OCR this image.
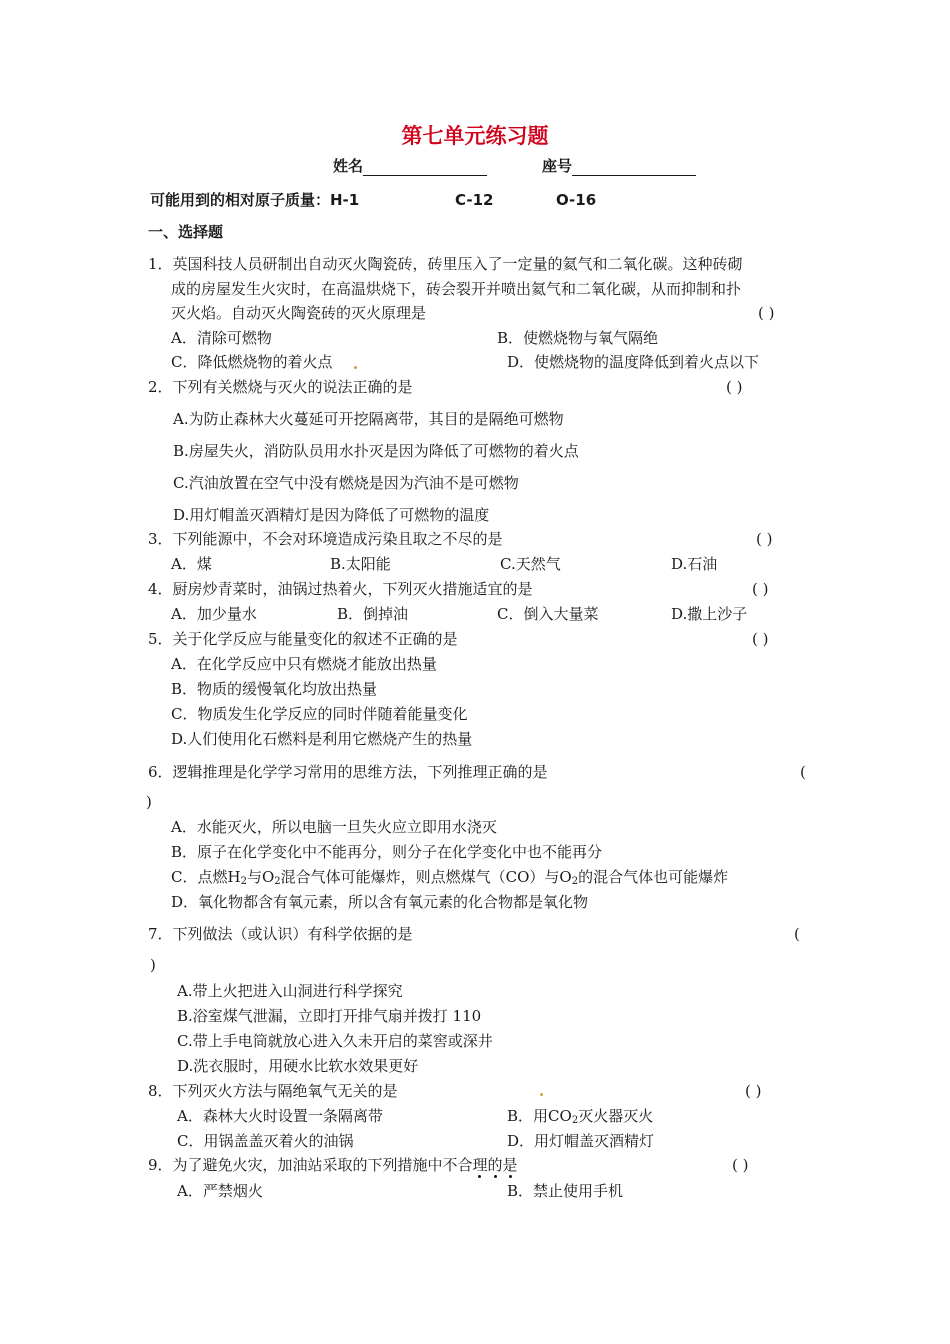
第七单元练习题
姓名	座号
可能用到的相对原子质量：H-1	C-12	O-16
一、选择题
1．英国科技人员研制出自动灭火陶瓷砖，砖里压入了一定量的氦气和二氧化碳。这种砖砌
成的房屋发生火灾时，在高温烘烧下，砖会裂开并喷出氦气和二氧化碳，从而抑制和扑
灭火焰。自动灭火陶瓷砖的灭火原理是	( )
A．清除可燃物	B．使燃烧物与氧气隔绝
C．降低燃烧物的着火点	D．使燃烧物的温度降低到着火点以下
2．下列有关燃烧与灭火的说法正确的是	( )
A.为防止森林大火蔓延可开挖隔离带，其目的是隔绝可燃物
B.房屋失火，消防队员用水扑灭是因为降低了可燃物的着火点
C.汽油放置在空气中没有燃烧是因为汽油不是可燃物
D.用灯帽盖灭酒精灯是因为降低了可燃物的温度
3．下列能源中，不会对环境造成污染且取之不尽的是	( )
A．煤	B.太阳能	C.天然气	D.石油
4．厨房炒青菜时，油锅过热着火，下列灭火措施适宜的是	( )
A．加少量水	B．倒掉油	C．倒入大量菜	D.撒上沙子
5．关于化学反应与能量变化的叙述不正确的是	( )
A．在化学反应中只有燃烧才能放出热量
B．物质的缓慢氧化均放出热量
C．物质发生化学反应的同时伴随着能量变化
D.人们使用化石燃料是利用它燃烧产生的热量
6．逻辑推理是化学学习常用的思维方法，下列推理正确的是	(
)
A．水能灭火，所以电脑一旦失火应立即用水浇灭
B．原子在化学变化中不能再分，则分子在化学变化中也不能再分
C．点燃$H_2$与$O_2$混合气体可能爆炸，则点燃煤气（CO）与$O_2$的混合气体也可能爆炸
D．氧化物都含有氧元素，所以含有氧元素的化合物都是氧化物
7．下列做法（或认识）有科学依据的是	(
)
A.带上火把进入山洞进行科学探究
B.浴室煤气泄漏，立即打开排气扇并拨打 110
C.带上手电筒就放心进入久未开启的菜窖或深井
D.洗衣服时，用硬水比软水效果更好
8．下列灭火方法与隔绝氧气无关的是	( )
A．森林大火时设置一条隔离带	B．用$CO_2$灭火器灭火
C．用锅盖盖灭着火的油锅	D．用灯帽盖灭酒精灯
9．为了避免火灾，加油站采取的下列措施中不合理的是	( )
A．严禁烟火	B．禁止使用手机
